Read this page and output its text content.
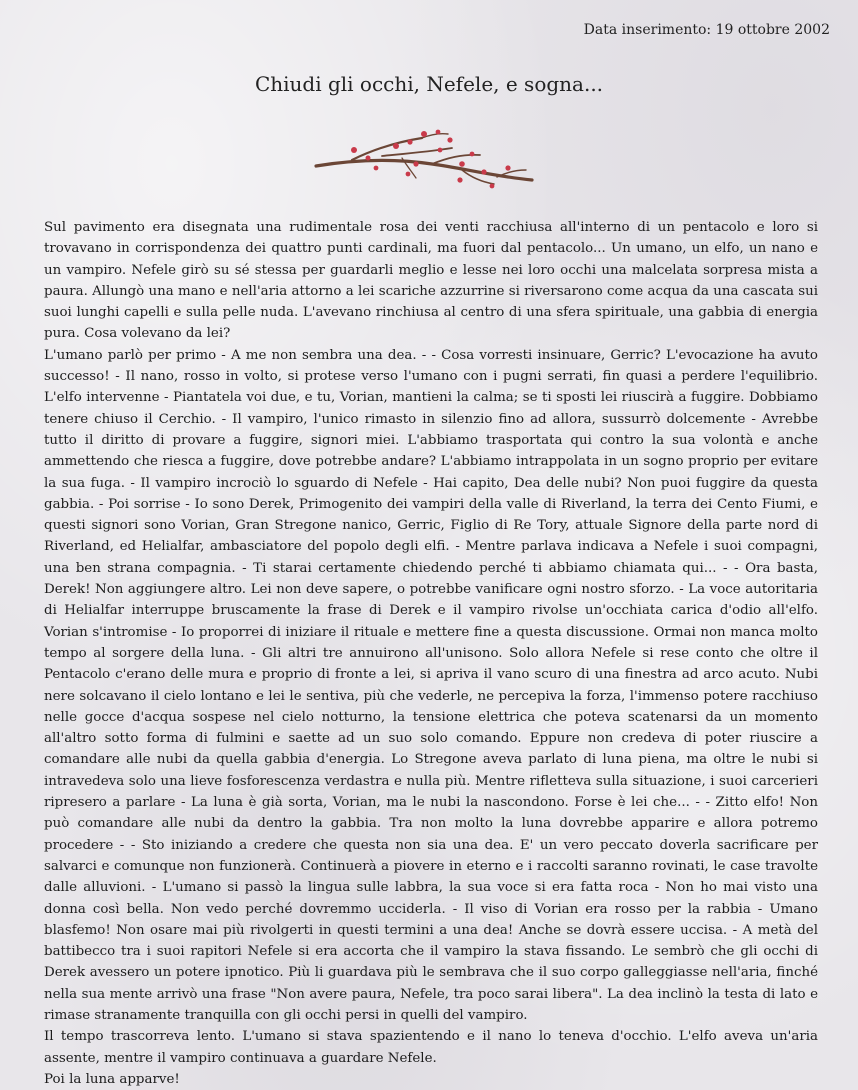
Data inserimento: 19 ottobre 2002
Chiudi gli occhi, Nefele, e sogna...

Sul pavimento era disegnata una rudimentale rosa dei venti racchiusa all'interno di un pentacolo e loro si trovavano in corrispondenza dei quattro punti cardinali, ma fuori dal pentacolo... Un umano, un elfo, un nano e un vampiro. Nefele girò su sé stessa per guardarli meglio e lesse nei loro occhi una malcelata sorpresa mista a paura. Allungò una mano e nell'aria attorno a lei scariche azzurrine si riversarono come acqua da una cascata sui suoi lunghi capelli e sulla pelle nuda. L'avevano rinchiusa al centro di una sfera spirituale, una gabbia di energia pura. Cosa volevano da lei?

L'umano parlò per primo - A me non sembra una dea. - - Cosa vorresti insinuare, Gerric? L'evocazione ha avuto successo! - Il nano, rosso in volto, si protese verso l'umano con i pugni serrati, fin quasi a perdere l'equilibrio. L'elfo intervenne - Piantatela voi due, e tu, Vorian, mantieni la calma; se ti sposti lei riuscirà a fuggire. Dobbiamo tenere chiuso il Cerchio. - Il vampiro, l'unico rimasto in silenzio fino ad allora, sussurrò dolcemente - Avrebbe tutto il diritto di provare a fuggire, signori miei. L'abbiamo trasportata qui contro la sua volontà e anche ammettendo che riesca a fuggire, dove potrebbe andare? L'abbiamo intrappolata in un sogno proprio per evitare la sua fuga. - Il vampiro incrociò lo sguardo di Nefele - Hai capito, Dea delle nubi? Non puoi fuggire da questa gabbia. - Poi sorrise - Io sono Derek, Primogenito dei vampiri della valle di Riverland, la terra dei Cento Fiumi, e questi signori sono Vorian, Gran Stregone nanico, Gerric, Figlio di Re Tory, attuale Signore della parte nord di Riverland, ed Helialfar, ambasciatore del popolo degli elfi. - Mentre parlava indicava a Nefele i suoi compagni, una ben strana compagnia. - Ti starai certamente chiedendo perché ti abbiamo chiamata qui... - - Ora basta, Derek! Non aggiungere altro. Lei non deve sapere, o potrebbe vanificare ogni nostro sforzo. - La voce autoritaria di Helialfar interruppe bruscamente la frase di Derek e il vampiro rivolse un'occhiata carica d'odio all'elfo. Vorian s'intromise - Io proporrei di iniziare il rituale e mettere fine a questa discussione. Ormai non manca molto tempo al sorgere della luna. - Gli altri tre annuirono all'unisono. Solo allora Nefele si rese conto che oltre il Pentacolo c'erano delle mura e proprio di fronte a lei, si apriva il vano scuro di una finestra ad arco acuto. Nubi nere solcavano il cielo lontano e lei le sentiva, più che vederle, ne percepiva la forza, l'immenso potere racchiuso nelle gocce d'acqua sospese nel cielo notturno, la tensione elettrica che poteva scatenarsi da un momento all'altro sotto forma di fulmini e saette ad un suo solo comando. Eppure non credeva di poter riuscire a comandare alle nubi da quella gabbia d'energia. Lo Stregone aveva parlato di luna piena, ma oltre le nubi si intravedeva solo una lieve fosforescenza verdastra e nulla più. Mentre rifletteva sulla situazione, i suoi carcerieri ripresero a parlare - La luna è già sorta, Vorian, ma le nubi la nascondono. Forse è lei che... - - Zitto elfo! Non può comandare alle nubi da dentro la gabbia. Tra non molto la luna dovrebbe apparire e allora potremo procedere - - Sto iniziando a credere che questa non sia una dea. E' un vero peccato doverla sacrificare per salvarci e comunque non funzionerà. Continuerà a piovere in eterno e i raccolti saranno rovinati, le case travolte dalle alluvioni. - L'umano si passò la lingua sulle labbra, la sua voce si era fatta roca - Non ho mai visto una donna così bella. Non vedo perché dovremmo ucciderla. - Il viso di Vorian era rosso per la rabbia - Umano blasfemo! Non osare mai più rivolgerti in questi termini a una dea! Anche se dovrà essere uccisa. - A metà del battibecco tra i suoi rapitori Nefele si era accorta che il vampiro la stava fissando. Le sembrò che gli occhi di Derek avessero un potere ipnotico. Più li guardava più le sembrava che il suo corpo galleggiasse nell'aria, finché nella sua mente arrivò una frase "Non avere paura, Nefele, tra poco sarai libera". La dea inclinò la testa di lato e rimase stranamente tranquilla con gli occhi persi in quelli del vampiro.

Il tempo trascorreva lento. L'umano si stava spazientendo e il nano lo teneva d'occhio. L'elfo aveva un'aria assente, mentre il vampiro continuava a guardare Nefele.

Poi la luna apparve!
